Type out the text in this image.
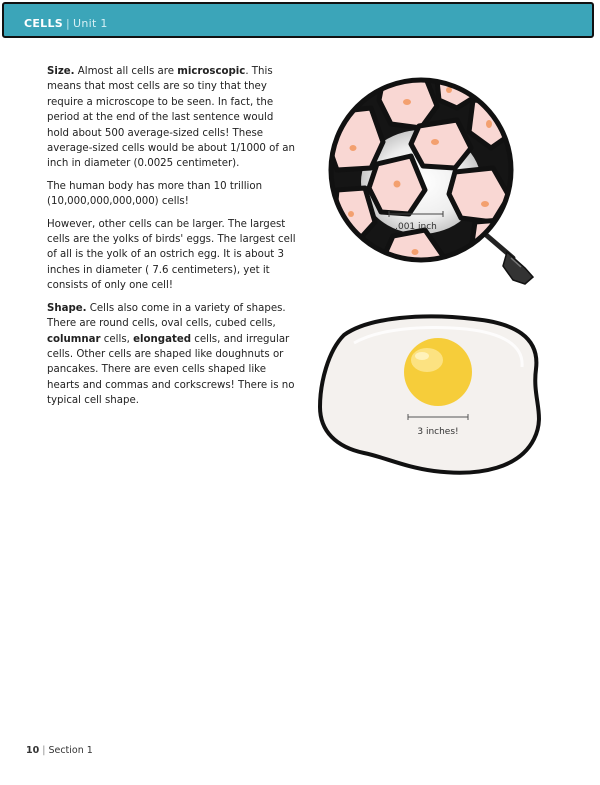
CELLS | Unit 1

Size. Almost all cells are microscopic. This means that most cells are so tiny that they require a microscope to be seen. In fact, the period at the end of the last sentence would hold about 500 average-sized cells! These average-sized cells would be about 1/1000 of an inch in diameter (0.0025 centimeter).

The human body has more than 10 trillion (10,000,000,000,000) cells!

However, other cells can be larger. The largest cells are the yolks of birds' eggs. The largest cell of all is the yolk of an ostrich egg. It is about 3 inches in diameter ( 7.6 centimeters), yet it consists of only one cell!

Shape. Cells also come in a variety of shapes. There are round cells, oval cells, cubed cells, columnar cells, elongated cells, and irregular cells. Other cells are shaped like doughnuts or pancakes. There are even cells shaped like hearts and commas and corkscrews! There is no typical cell shape.

.001 inch
3 inches!
10 | Section 1
